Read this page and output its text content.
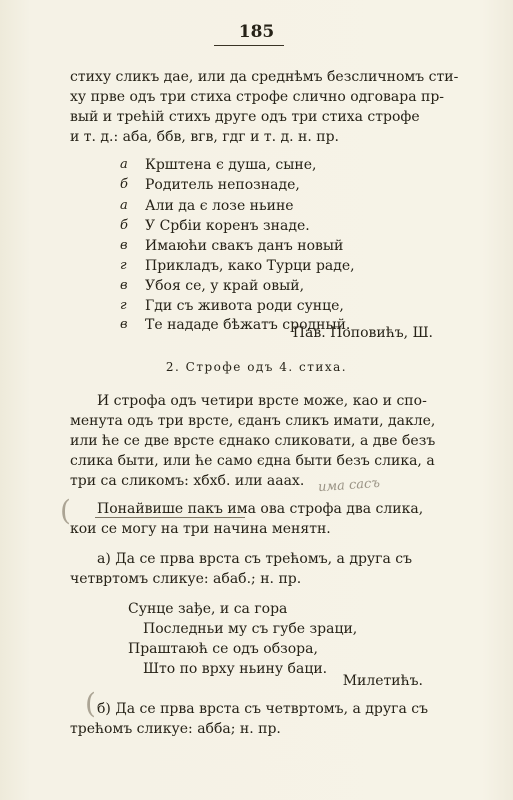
185
стиху сликъ дае, или да среднѣмъ безсличномъ сти-
ху прве одъ три стиха строфе слично одговара пр-
вый и трећій стихъ друге одъ три стиха строфе
и т. д.: аба, ббв, вгв, гдг и т. д. н. пр.
а	Крштена є душа, сыне,
б	Родитель непознаде,
а	Али да є лозе ньине
б	У Србіи коренъ знаде.
в	Имаюћи свакъ данъ новый
г	Прикладъ, како Турци раде,
в	Убоя се, у край овый,
г	Гди съ живота роди сунце,
в	Те нададе бѣжатъ сродный.
Пав. Поповићъ, Ш.
2. Строфе одъ 4. стиха.
И строфа одъ четири врсте може, као и спо-
менута одъ три врсте, єданъ сликъ имати, дакле,
или ће се две врсте єднако сликовати, а две безъ
слика быти, или ће само єдна быти безъ слика, а
три са сликомъ: хбхб. или аaax. има сасъ
( Понайвише пакъ има ова строфа два слика,
кои се могу на три начина менятн.
а) Да се прва врста съ трећомъ, а друга съ
четвртомъ сликуе: абаб.; н. пр.
Сунце зађе, и са гора
Последньи му съ губе зраци,
Праштаюћ се одъ обзора,
Што по врху ньину баци.
Милетићъ.
( б) Да се прва врста съ четвртомъ, а друга съ
трећомъ сликуе: абба; н. пр.
